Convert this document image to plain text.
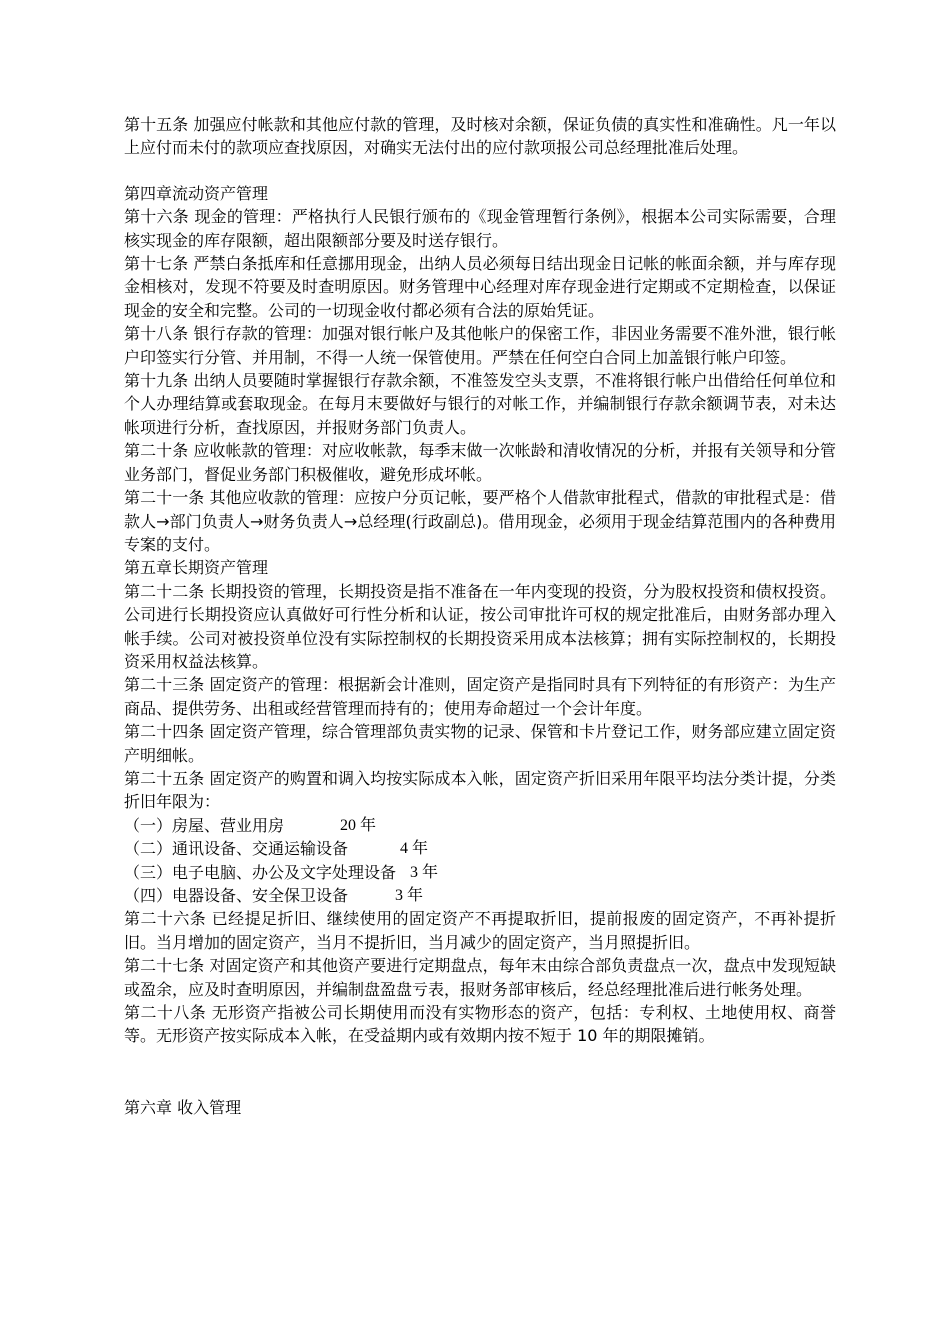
第十五条 加强应付帐款和其他应付款的管理，及时核对余额，保证负债的真实性和准确性。凡一年以上应付而未付的款项应查找原因，对确实无法付出的应付款项报公司总经理批准后处理。

第四章流动资产管理

第十六条 现金的管理：严格执行人民银行颁布的《现金管理暂行条例》，根据本公司实际需要，合理核实现金的库存限额，超出限额部分要及时送存银行。

第十七条 严禁白条抵库和任意挪用现金，出纳人员必须每日结出现金日记帐的帐面余额，并与库存现金相核对，发现不符要及时查明原因。财务管理中心经理对库存现金进行定期或不定期检查，以保证现金的安全和完整。公司的一切现金收付都必须有合法的原始凭证。

第十八条 银行存款的管理：加强对银行帐户及其他帐户的保密工作，非因业务需要不准外泄，银行帐户印签实行分管、并用制，不得一人统一保管使用。严禁在任何空白合同上加盖银行帐户印签。

第十九条 出纳人员要随时掌握银行存款余额，不准签发空头支票，不准将银行帐户出借给任何单位和个人办理结算或套取现金。在每月末要做好与银行的对帐工作，并编制银行存款余额调节表，对未达帐项进行分析，查找原因，并报财务部门负责人。

第二十条 应收帐款的管理：对应收帐款，每季末做一次帐龄和清收情况的分析，并报有关领导和分管业务部门，督促业务部门积极催收，避免形成坏帐。

第二十一条 其他应收款的管理：应按户分页记帐，要严格个人借款审批程式，借款的审批程式是：借款人→部门负责人→财务负责人→总经理(行政副总)。借用现金，必须用于现金结算范围内的各种费用专案的支付。

第五章长期资产管理

第二十二条 长期投资的管理，长期投资是指不准备在一年内变现的投资，分为股权投资和债权投资。公司进行长期投资应认真做好可行性分析和认证，按公司审批许可权的规定批准后，由财务部办理入帐手续。公司对被投资单位没有实际控制权的长期投资采用成本法核算；拥有实际控制权的，长期投资采用权益法核算。

第二十三条 固定资产的管理：根据新会计准则，固定资产是指同时具有下列特征的有形资产：为生产商品、提供劳务、出租或经营管理而持有的；使用寿命超过一个会计年度。

第二十四条 固定资产管理，综合管理部负责实物的记录、保管和卡片登记工作，财务部应建立固定资产明细帐。

第二十五条 固定资产的购置和调入均按实际成本入帐，固定资产折旧采用年限平均法分类计提，分类折旧年限为：

（一）房屋、营业用房	20 年
（二）通讯设备、交通运输设备	4 年
（三）电子电脑、办公及文字处理设备 3 年
（四）电器设备、安全保卫设备	3 年

第二十六条 已经提足折旧、继续使用的固定资产不再提取折旧，提前报废的固定资产，不再补提折旧。当月增加的固定资产，当月不提折旧，当月减少的固定资产，当月照提折旧。

第二十七条 对固定资产和其他资产要进行定期盘点，每年末由综合部负责盘点一次，盘点中发现短缺或盈余，应及时查明原因，并编制盘盈盘亏表，报财务部审核后，经总经理批准后进行帐务处理。

第二十八条 无形资产指被公司长期使用而没有实物形态的资产，包括：专利权、土地使用权、商誉等。无形资产按实际成本入帐，在受益期内或有效期内按不短于 10 年的期限摊销。

第六章 收入管理
